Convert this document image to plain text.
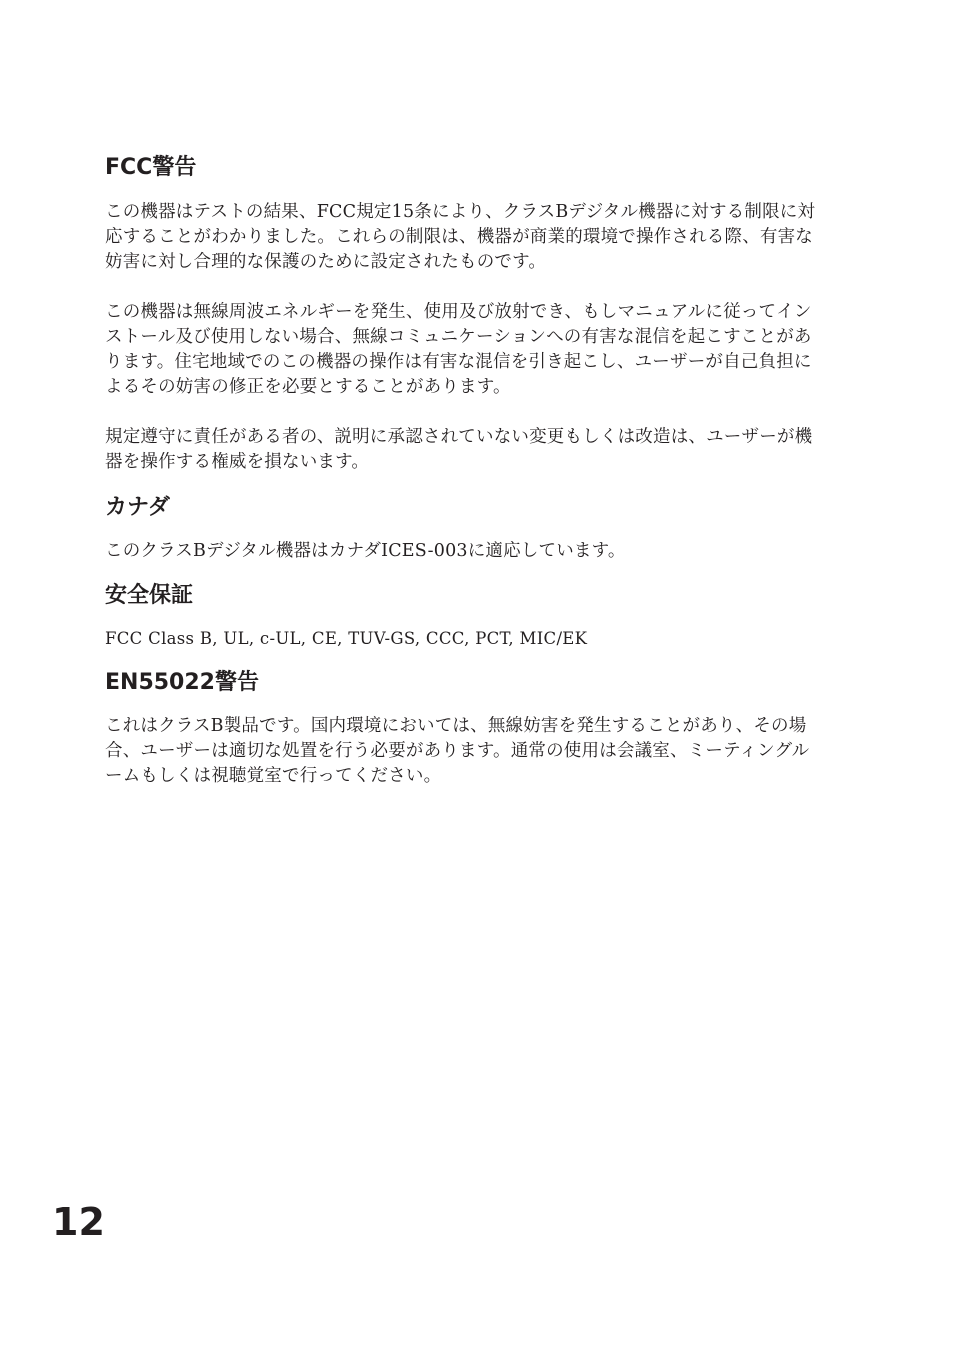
FCC警告

この機器はテストの結果、FCC規定15条により、クラスBデジタル機器に対する制限に対応することがわかりました。これらの制限は、機器が商業的環境で操作される際、有害な妨害に対し合理的な保護のために設定されたものです。

この機器は無線周波エネルギーを発生、使用及び放射でき、もしマニュアルに従ってインストール及び使用しない場合、無線コミュニケーションへの有害な混信を起こすことがあります。住宅地域でのこの機器の操作は有害な混信を引き起こし、ユーザーが自己負担によるその妨害の修正を必要とすることがあります。

規定遵守に責任がある者の、説明に承認されていない変更もしくは改造は、ユーザーが機器を操作する権威を損ないます。

カナダ

このクラスBデジタル機器はカナダICES-003に適応しています。

安全保証

FCC Class B, UL, c-UL, CE, TUV-GS, CCC, PCT, MIC/EK

EN55022警告

これはクラスB製品です。国内環境においては、無線妨害を発生することがあり、その場合、ユーザーは適切な処置を行う必要があります。通常の使用は会議室、ミーティングルームもしくは視聴覚室で行ってください。

12
